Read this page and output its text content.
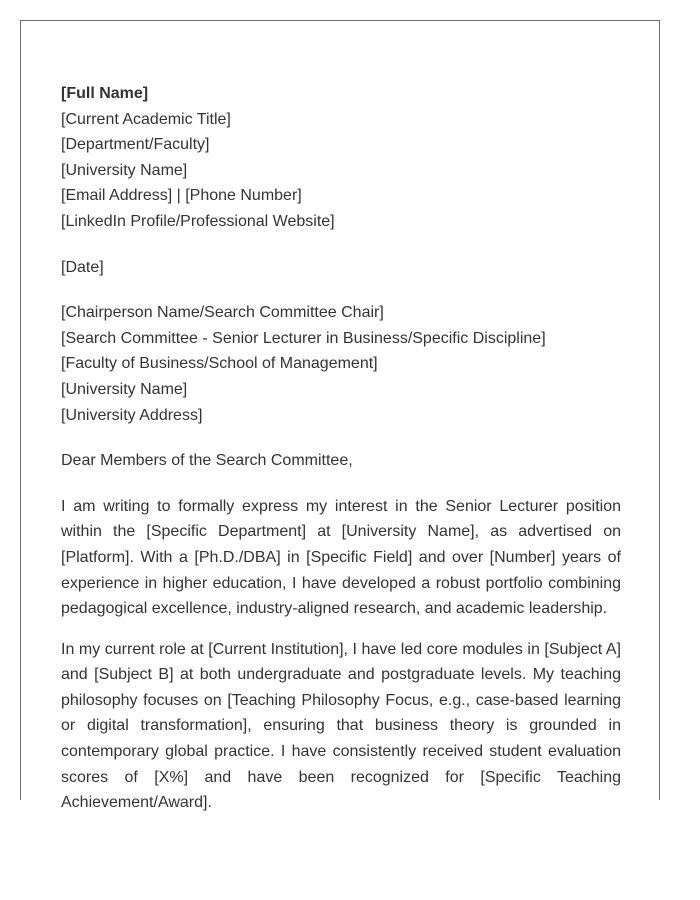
[Full Name]
[Current Academic Title]
[Department/Faculty]
[University Name]
[Email Address] | [Phone Number]
[LinkedIn Profile/Professional Website]
[Date]
[Chairperson Name/Search Committee Chair]
[Search Committee - Senior Lecturer in Business/Specific Discipline]
[Faculty of Business/School of Management]
[University Name]
[University Address]
Dear Members of the Search Committee,

I am writing to formally express my interest in the Senior Lecturer position within the [Specific Department] at [University Name], as advertised on [Platform]. With a [Ph.D./DBA] in [Specific Field] and over [Number] years of experience in higher education, I have developed a robust portfolio combining pedagogical excellence, industry-aligned research, and academic leadership.

In my current role at [Current Institution], I have led core modules in [Subject A] and [Subject B] at both undergraduate and postgraduate levels. My teaching philosophy focuses on [Teaching Philosophy Focus, e.g., case-based learning or digital transformation], ensuring that business theory is grounded in contemporary global practice. I have consistently received student evaluation scores of [X%] and have been recognized for [Specific Teaching Achievement/Award].
